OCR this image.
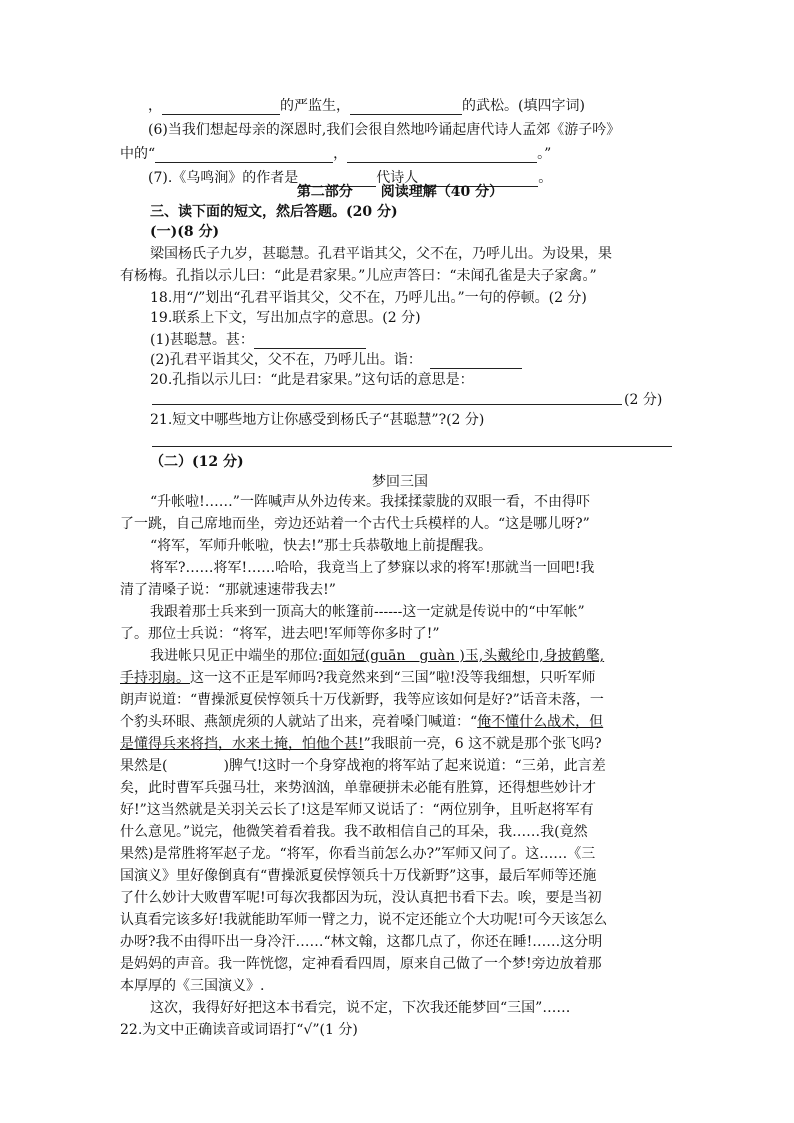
，	的严监生，	的武松。(填四字词)
(6)当我们想起母亲的深恩时,我们会很自然地吟诵起唐代诗人孟郊《游子吟》
中的“	，	。”
(7).《乌鸣涧》的作者是	代诗人	。
第二部分　　阅读理解（40 分）
三、读下面的短文，然后答题。(20 分)
(一)(8 分)
梁国杨氏子九岁，甚聪慧。孔君平诣其父，父不在，乃呼儿出。为设果，果
有杨梅。孔指以示儿曰：“此是君家果。”儿应声答曰：“未闻孔雀是夫子家禽。”
18.用“/”划出“孔君平诣其父，父不在，乃呼儿出。”一句的停顿。(2 分)
19.联系上下文，写出加点字的意思。(2 分)
(1)甚聪慧。甚：
(2)孔君平诣其父，父不在，乃呼儿出。诣：
20.孔指以示儿曰：“此是君家果。”这句话的意思是：
(2 分)
21.短文中哪些地方让你感受到杨氏子“甚聪慧”?(2 分)
（二）(12 分)
梦回三国
“升帐啦!……”一阵喊声从外边传来。我揉揉蒙胧的双眼一看，不由得吓
了一跳，自己席地而坐，旁边还站着一个古代士兵模样的人。“这是哪儿呀?”
“将军，军师升帐啦，快去!”那士兵恭敬地上前提醒我。
将军?……将军!……哈哈，我竟当上了梦寐以求的将军!那就当一回吧!我
清了清嗓子说：“那就速速带我去!”
我跟着那士兵来到一顶高大的帐篷前------这一定就是传说中的“中军帐”
了。那位士兵说：“将军，进去吧!军师等你多时了!”
我进帐只见正中端坐的那位:面如冠(guān　guàn )玉,头戴纶巾,身披鹤氅,
手持羽扇。这一这不正是军师吗?我竟然来到“三国”啦!没等我细想，只听军师
朗声说道：“曹操派夏侯惇领兵十万伐新野，我等应该如何是好?”话音未落，一
个豹头环眼、燕颔虎须的人就站了出来，亮着嗓门喊道：“俺不懂什么战术，但
是懂得兵来将挡，水来土掩，怕他个甚!”我眼前一亮，6 这不就是那个张飞吗?
果然是(	)脾气!这时一个身穿战袍的将军站了起来说道：“三弟，此言差
矣，此时曹军兵强马壮，来势汹汹，单靠硬拼未必能有胜算，还得想些妙计才
好!”这当然就是关羽关云长了!这是军师又说话了：“两位别争，且听赵将军有
什么意见。”说完，他微笑着看着我。我不敢相信自己的耳朵，我……我(竟然
果然)是常胜将军赵子龙。“将军，你看当前怎么办?”军师又问了。这……《三
国演义》里好像倒真有“曹操派夏侯惇领兵十万伐新野”这事，最后军师等还施
了什么妙计大败曹军呢!可每次我都因为玩，没认真把书看下去。唉，要是当初
认真看完该多好!我就能助军师一臂之力，说不定还能立个大功呢!可今天该怎么
办呀?我不由得吓出一身冷汗……“林文翰，这都几点了，你还在睡!……这分明
是妈妈的声音。我一阵恍惚，定神看看四周，原来自己做了一个梦!旁边放着那
本厚厚的《三国演义》.
这次，我得好好把这本书看完，说不定，下次我还能梦回“三国”……
22.为文中正确读音或词语打“√”(1 分)
